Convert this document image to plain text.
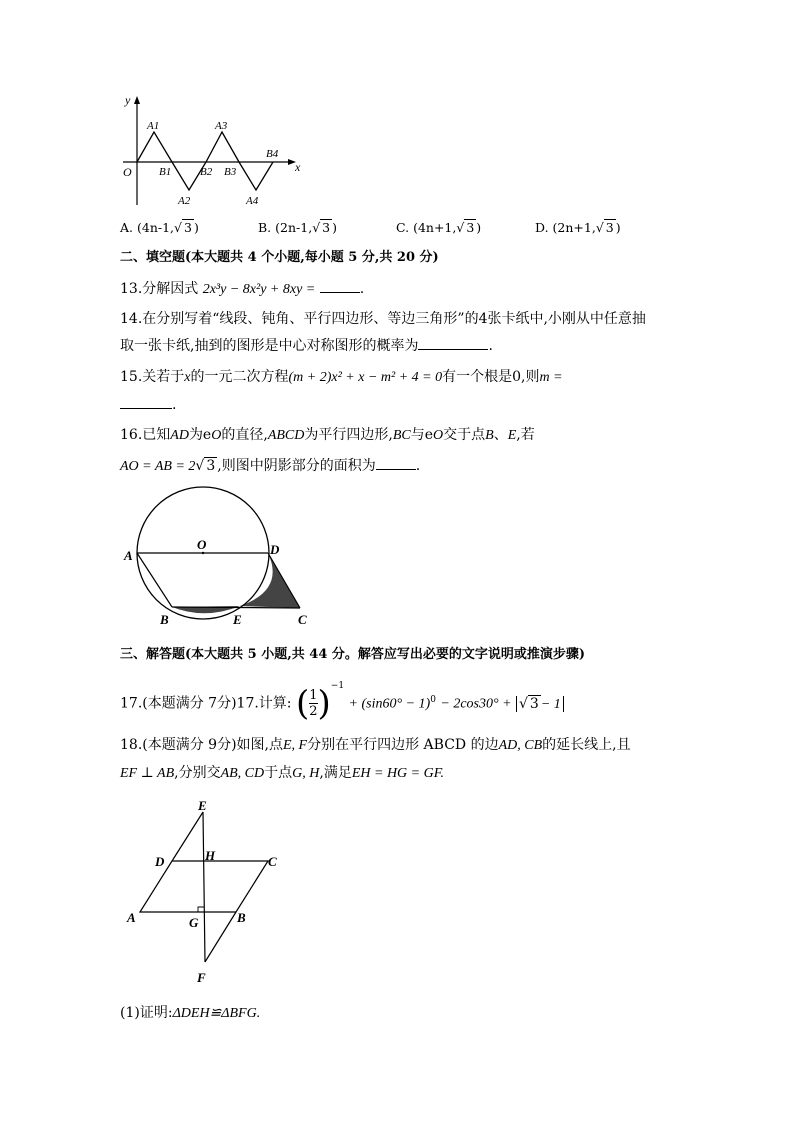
y
x
O
A1	A3
B4
B1	B2 B3
A2	A4
A. (4n-1,√ 3 )	B. (2n-1,√ 3 )	C. (4n+1,√ 3 )	D. (2n+1,√ 3 )
二、填空题(本大题共 4 个小题,每小题 5 分,共 20 分)
13.分解因式 2x³y − 8x²y + 8xy =	.
14.在分别写着“线段、钝角、平行四边形、等边三角形”的4张卡纸中,小刚从中任意抽
取一张卡纸,抽到的图形是中心对称图形的概率为	.
15.关若于x的一元二次方程(m + 2)x² + x − m² + 4 = 0有一个根是0,则m =
.
16.已知AD为eO的直径,ABCD为平行四边形,BC与eO交于点B、E,若
AO = AB = 2√ 3 ,则图中阴影部分的面积为	.
O	D
A
B	E	C
三、解答题(本大题共 5 小题,共 44 分。解答应写出必要的文字说明或推演步骤)
17.(本题满分 7分)17.计算: ( $\frac{1}{2} )^{-1} + (\sin 60^\circ - 1)^0 - 2\cos 30^\circ$ + √ 3 − 1
18.(本题满分 9分)如图,点E, F分别在平行四边形 ABCD 的边AD, CB的延长线上,且
EF ⊥ AB,分别交AB, CD于点G, H,满足EH = HG = GF.
E
D	H	C
A	G	B
F
(1)证明:ΔDEH≌ΔBFG.
